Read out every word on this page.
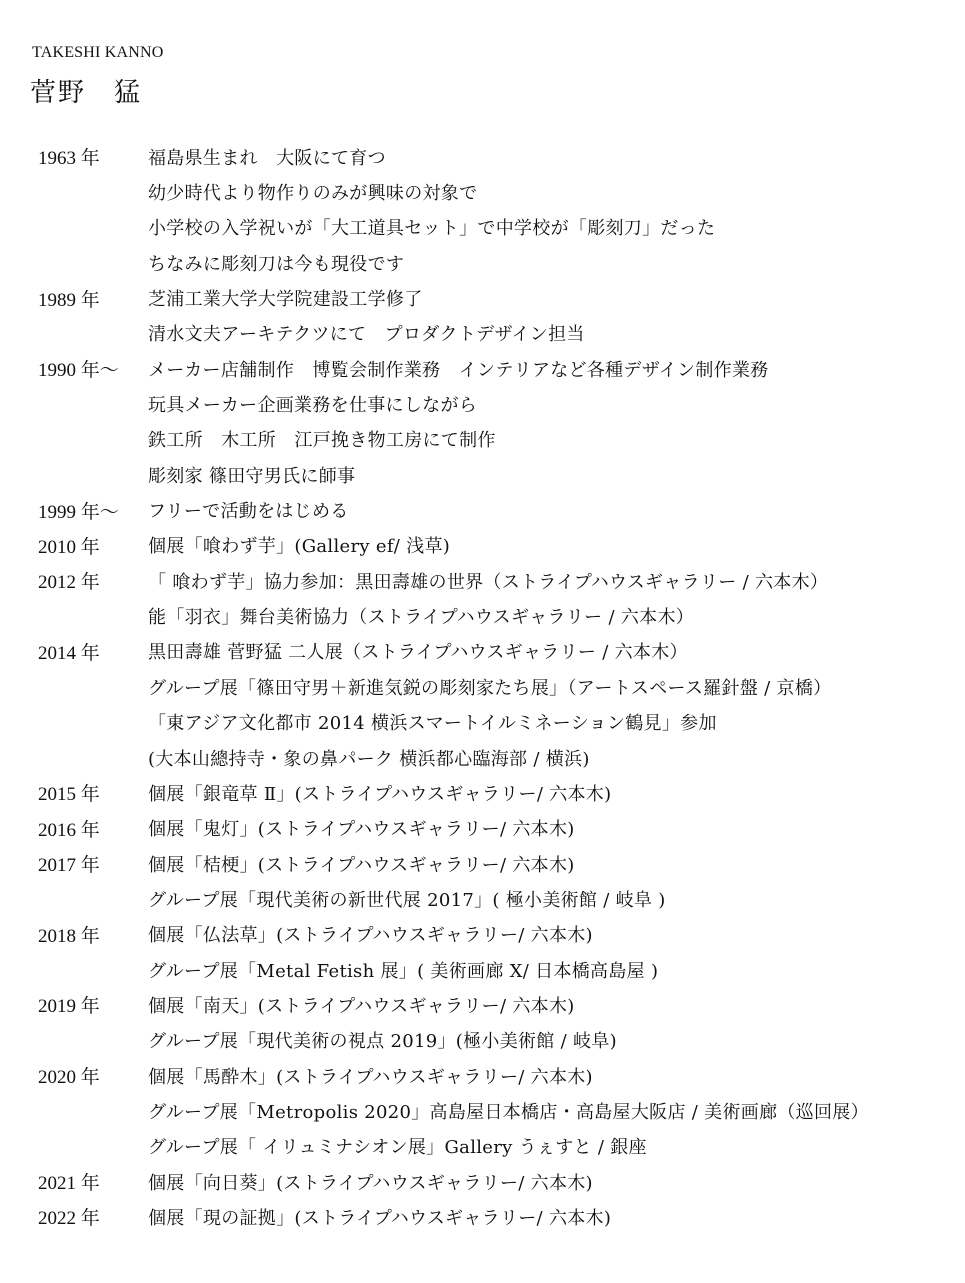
TAKESHI KANNO
菅野　猛
1963 年	福島県生まれ　大阪にて育つ
幼少時代より物作りのみが興味の対象で
小学校の入学祝いが「大工道具セット」で中学校が「彫刻刀」だった
ちなみに彫刻刀は今も現役です
1989 年	芝浦工業大学大学院建設工学修了
清水文夫アーキテクツにて　プロダクトデザイン担当
1990 年〜	メーカー店舗制作　博覧会制作業務　インテリアなど各種デザイン制作業務
玩具メーカー企画業務を仕事にしながら
鉄工所　木工所　江戸挽き物工房にて制作
彫刻家 篠田守男氏に師事
1999 年〜	フリーで活動をはじめる
2010 年	個展「喰わず芋」(Gallery ef/ 浅草)
2012 年	「 喰わず芋」協力参加：黒田壽雄の世界（ストライプハウスギャラリー / 六本木）
能「羽衣」舞台美術協力（ストライプハウスギャラリー / 六本木）
2014 年	黒田壽雄 菅野猛 二人展（ストライプハウスギャラリー / 六本木）
グループ展「篠田守男＋新進気鋭の彫刻家たち展」（アートスペース羅針盤 / 京橋）
「東アジア文化都市 2014 横浜スマートイルミネーション鶴見」参加
(大本山總持寺・象の鼻パーク 横浜都心臨海部 / 横浜)
2015 年	個展「銀竜草 Ⅱ」(ストライプハウスギャラリー/ 六本木)
2016 年	個展「鬼灯」(ストライプハウスギャラリー/ 六本木)
2017 年	個展「桔梗」(ストライプハウスギャラリー/ 六本木)
グループ展「現代美術の新世代展 2017」( 極小美術館 / 岐阜 )
2018 年	個展「仏法草」(ストライプハウスギャラリー/ 六本木)
グループ展「Metal Fetish 展」( 美術画廊 X/ 日本橋高島屋 )
2019 年	個展「南天」(ストライプハウスギャラリー/ 六本木)
グループ展「現代美術の視点 2019」(極小美術館 / 岐阜)
2020 年	個展「馬酔木」(ストライプハウスギャラリー/ 六本木)
グループ展「Metropolis 2020」高島屋日本橋店・高島屋大阪店 / 美術画廊（巡回展）
グループ展「 イリュミナシオン展」Gallery うぇすと / 銀座
2021 年	個展「向日葵」(ストライプハウスギャラリー/ 六本木)
2022 年	個展「現の証拠」(ストライプハウスギャラリー/ 六本木)
